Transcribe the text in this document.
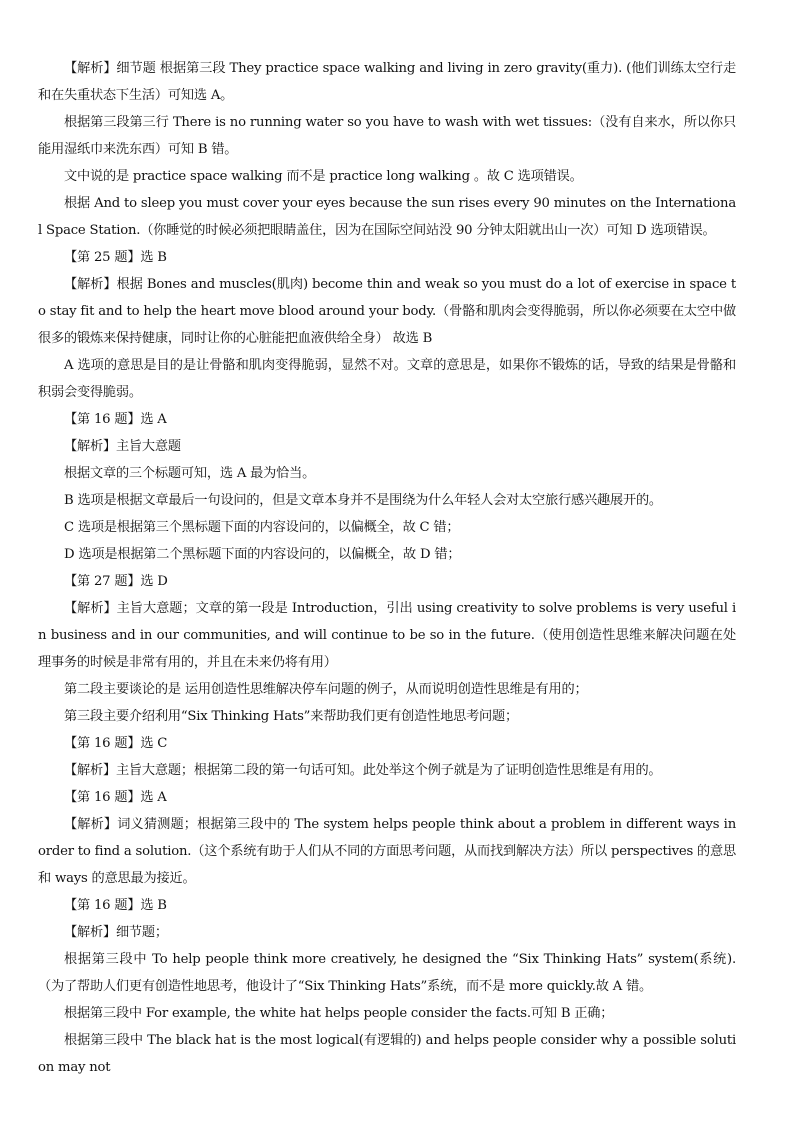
【解析】细节题 根据第三段 They practice space walking and living in zero gravity(重力). (他们训练太空行走和在失重状态下生活）可知选 A。

根据第三段第三行 There is no running water so you have to wash with wet tissues:（没有自来水，所以你只能用湿纸巾来洗东西）可知 B 错。

文中说的是 practice space walking 而不是 practice long walking 。故 C 选项错误。

根据 And to sleep you must cover your eyes because the sun rises every 90 minutes on the International Space Station.（你睡觉的时候必须把眼睛盖住，因为在国际空间站没 90 分钟太阳就出山一次）可知 D 选项错误。

【第 25 题】选 B

【解析】根据 Bones and muscles(肌肉) become thin and weak so you must do a lot of exercise in space to stay fit and to help the heart move blood around your body.（骨骼和肌肉会变得脆弱，所以你必须要在太空中做很多的锻炼来保持健康，同时让你的心脏能把血液供给全身） 故选 B

A 选项的意思是目的是让骨骼和肌肉变得脆弱，显然不对。文章的意思是，如果你不锻炼的话，导致的结果是骨骼和积弱会变得脆弱。

【第 16 题】选 A

【解析】主旨大意题

根据文章的三个标题可知，选 A 最为恰当。

B 选项是根据文章最后一句设问的，但是文章本身并不是围绕为什么年轻人会对太空旅行感兴趣展开的。

C 选项是根据第三个黑标题下面的内容设问的，以偏概全，故 C 错；

D 选项是根据第二个黑标题下面的内容设问的，以偏概全，故 D 错；

【第 27 题】选 D

【解析】主旨大意题；文章的第一段是 Introduction，引出 using creativity to solve problems is very useful in business and in our communities, and will continue to be so in the future.（使用创造性思维来解决问题在处理事务的时候是非常有用的，并且在未来仍将有用）

第二段主要谈论的是 运用创造性思维解决停车问题的例子，从而说明创造性思维是有用的；

第三段主要介绍利用“Six Thinking Hats”来帮助我们更有创造性地思考问题；

【第 16 题】选 C

【解析】主旨大意题；根据第二段的第一句话可知。此处举这个例子就是为了证明创造性思维是有用的。

【第 16 题】选 A

【解析】词义猜测题；根据第三段中的 The system helps people think about a problem in different ways in order to find a solution.（这个系统有助于人们从不同的方面思考问题，从而找到解决方法）所以 perspectives 的意思和 ways 的意思最为接近。

【第 16 题】选 B

【解析】细节题；

根据第三段中 To help people think more creatively, he designed the “Six Thinking Hats” system(系统).（为了帮助人们更有创造性地思考，他设计了“Six Thinking Hats”系统，而不是 more quickly.故 A 错。

根据第三段中 For example, the white hat helps people consider the facts.可知 B 正确；

根据第三段中 The black hat is the most logical(有逻辑的) and helps people consider why a possible solution may not
